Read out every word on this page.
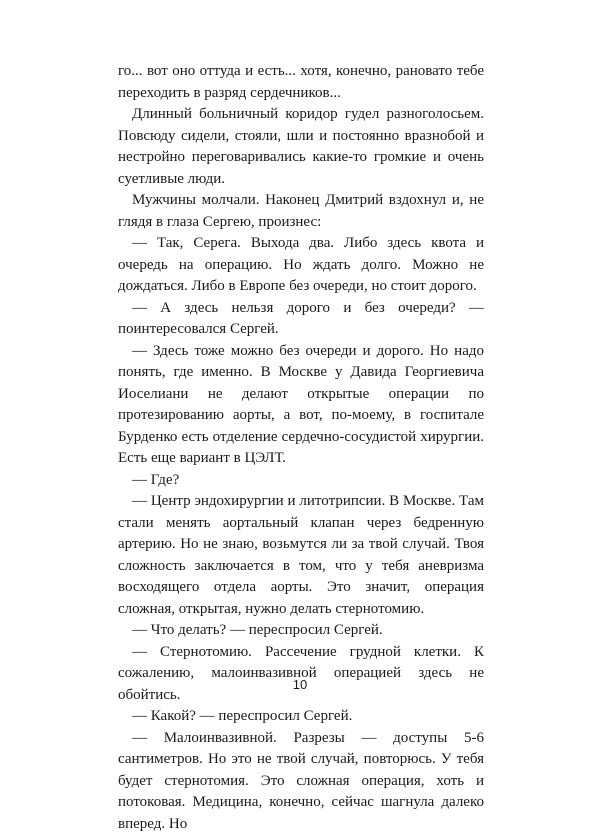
го... вот оно оттуда и есть... хотя, конечно, рановато тебе переходить в разряд сердечников...

Длинный больничный коридор гудел разноголосьем. Повсюду сидели, стояли, шли и постоянно вразнобой и нестройно переговаривались какие-то громкие и очень суетливые люди.

Мужчины молчали. Наконец Дмитрий вздохнул и, не глядя в глаза Сергею, произнес:

— Так, Серега. Выхода два. Либо здесь квота и очередь на операцию. Но ждать долго. Можно не дождаться. Либо в Европе без очереди, но стоит дорого.

— А здесь нельзя дорого и без очереди? — поинтересовался Сергей.

— Здесь тоже можно без очереди и дорого. Но надо понять, где именно. В Москве у Давида Георгиевича Иоселиани не делают открытые операции по протезированию аорты, а вот, по-моему, в госпитале Бурденко есть отделение сердечно-сосудистой хирургии. Есть еще вариант в ЦЭЛТ.

— Где?

— Центр эндохирургии и литотрипсии. В Москве. Там стали менять аортальный клапан через бедренную артерию. Но не знаю, возьмутся ли за твой случай. Твоя сложность заключается в том, что у тебя аневризма восходящего отдела аорты. Это значит, операция сложная, открытая, нужно делать стернотомию.

— Что делать? — переспросил Сергей.

— Стернотомию. Рассечение грудной клетки. К сожалению, малоинвазивной операцией здесь не обойтись.

— Какой? — переспросил Сергей.

— Малоинвазивной. Разрезы — доступы 5-6 сантиметров. Но это не твой случай, повторюсь. У тебя будет стернотомия. Это сложная операция, хоть и потоковая. Медицина, конечно, сейчас шагнула далеко вперед. Но

10
